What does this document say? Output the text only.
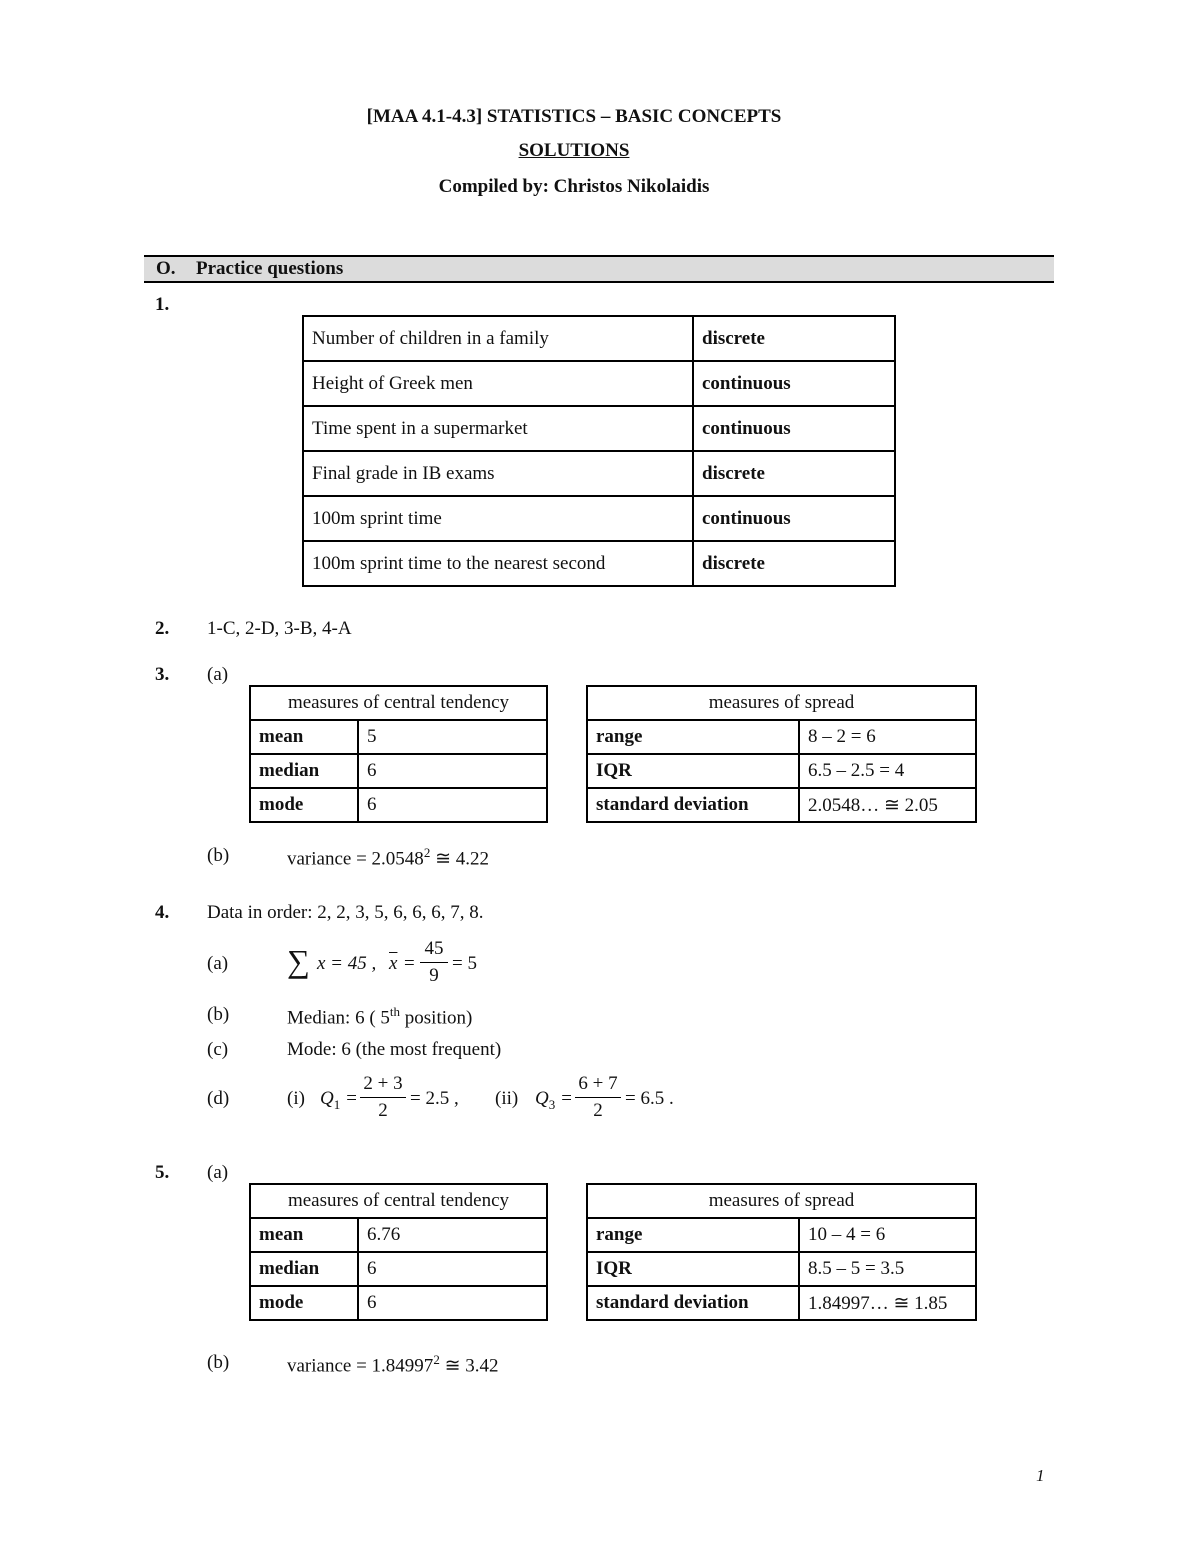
[MAA 4.1-4.3] STATISTICS – BASIC CONCEPTS
SOLUTIONS
Compiled by: Christos Nikolaidis
O. Practice questions
1.
Number of children in a family	discrete
Height of Greek men	continuous
Time spent in a supermarket	continuous
Final grade in IB exams	discrete
100m sprint time	continuous
100m sprint time to the nearest second	discrete
2. 1-C, 2-D, 3-B, 4-A
3. (a)
measures of central tendency	
mean	5
median	6
mode	6
measures of spread	
range	8 – 2 = 6
IQR	6.5 – 2.5 = 4
standard deviation	2.0548… ≅ 2.05
(b)	variance = $2.0548^2$ ≅ 4.22
4. Data in order: 2, 2, 3, 5, 6, 6, 6, 7, 8.
(a) ∑ x = 45 , $\overline{x}$ =
45
9
= 5
(b)	Median: 6 ( 5th position)
(c)	Mode: 6 (the most frequent)
(d)	(i) $Q_1$ =
2 + 3
2
= 2.5 , (ii) $Q_3$ =
6 + 7
2
= 6.5 .
5. (a)
measures of central tendency	
mean	6.76
median	6
mode	6
measures of spread	
range	10 – 4 = 6
IQR	8.5 – 5 = 3.5
standard deviation	1.84997… ≅ 1.85
(b)	variance = $1.84997^2$ ≅ 3.42
1
